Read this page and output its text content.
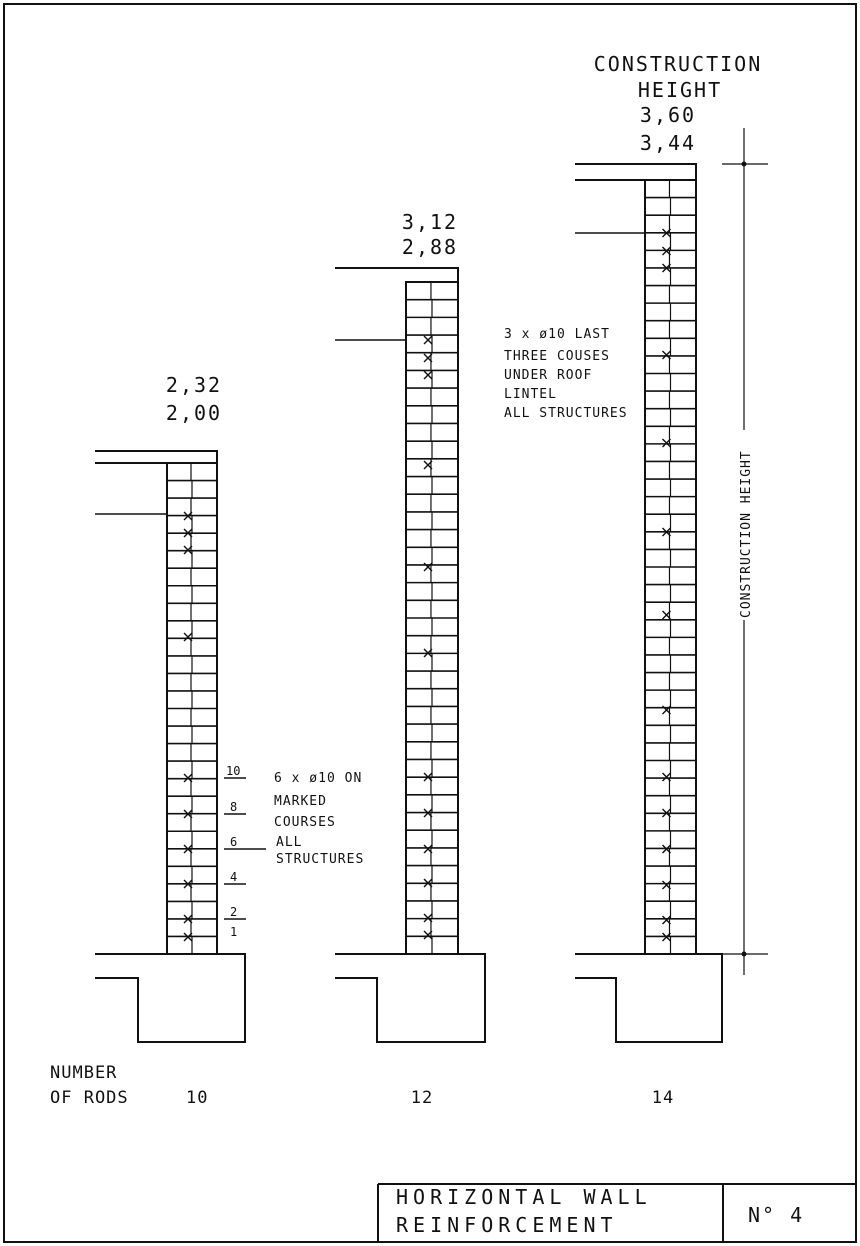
2,32
2,00
10
8
6
4
2
1
6 x ø10 ON
MARKED
COURSES
ALL
STRUCTURES
NUMBER
OF RODS	10
3,12
2,88
3 x ø10 LAST
THREE COUSES
UNDER ROOF
LINTEL
ALL STRUCTURES
12
CONSTRUCTION
HEIGHT
3,60
3,44
CONSTRUCTION HEIGHT
14
HORIZONTAL WALL
REINFORCEMENT	N° 4
